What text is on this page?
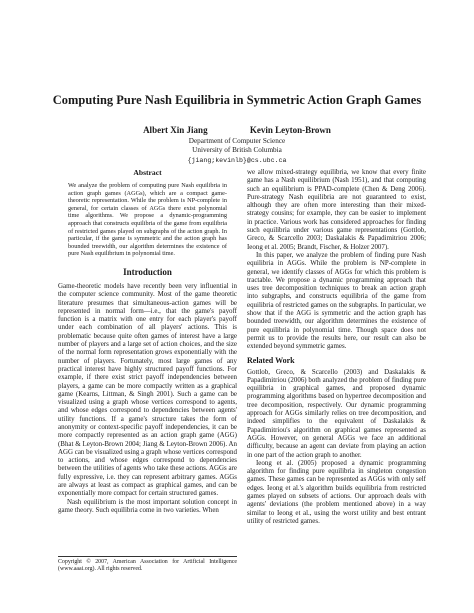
Computing Pure Nash Equilibria in Symmetric Action Graph Games
Albert Xin Jiang	Kevin Leyton-Brown
Department of Computer Science
University of British Columbia
{jiang;kevinlb}@cs.ubc.ca
Abstract

We analyze the problem of computing pure Nash equilibria in action graph games (AGGs), which are a compact game-theoretic representation. While the problem is NP-complete in general, for certain classes of AGGs there exist polynomial time algorithms. We propose a dynamic-programming approach that constructs equilibria of the game from equilibria of restricted games played on subgraphs of the action graph. In particular, if the game is symmetric and the action graph has bounded treewidth, our algorithm determines the existence of pure Nash equilibrium in polynomial time.

Introduction

Game-theoretic models have recently been very influential in the computer science community. Most of the game theoretic literature presumes that simultaneous-action games will be represented in normal form—i.e., that the game's payoff function is a matrix with one entry for each player's payoff under each combination of all players' actions. This is problematic because quite often games of interest have a large number of players and a large set of action choices, and the size of the normal form representation grows exponentially with the number of players. Fortunately, most large games of any practical interest have highly structured payoff functions. For example, if there exist strict payoff independencies between players, a game can be more compactly written as a graphical game (Kearns, Littman, & Singh 2001). Such a game can be visualized using a graph whose vertices correspond to agents, and whose edges correspond to dependencies between agents' utility functions. If a game's structure takes the form of anonymity or context-specific payoff independencies, it can be more compactly represented as an action graph game (AGG) (Bhat & Leyton-Brown 2004; Jiang & Leyton-Brown 2006). An AGG can be visualized using a graph whose vertices correspond to actions, and whose edges correspond to dependencies between the utilities of agents who take these actions. AGGs are fully expressive, i.e. they can represent arbitrary games. AGGs are always at least as compact as graphical games, and can be exponentially more compact for certain structured games.

Nash equilibrium is the most important solution concept in game theory. Such equilibria come in two varieties. When

Copyright © 2007, American Association for Artificial Intelligence (www.aaai.org). All rights reserved.

we allow mixed-strategy equilibria, we know that every finite game has a Nash equilibrium (Nash 1951), and that computing such an equilibrium is PPAD-complete (Chen & Deng 2006). Pure-strategy Nash equilibria are not guaranteed to exist, although they are often more interesting than their mixed-strategy cousins; for example, they can be easier to implement in practice. Various work has considered approaches for finding such equilibria under various game representations (Gottlob, Greco, & Scarcello 2003; Daskalakis & Papadimitriou 2006; Ieong et al. 2005; Brandt, Fischer, & Holzer 2007).

In this paper, we analyze the problem of finding pure Nash equilibria in AGGs. While the problem is NP-complete in general, we identify classes of AGGs for which this problem is tractable. We propose a dynamic programming approach that uses tree decomposition techniques to break an action graph into subgraphs, and constructs equilibria of the game from equilibria of restricted games on the subgraphs. In particular, we show that if the AGG is symmetric and the action graph has bounded treewidth, our algorithm determines the existence of pure equilibria in polynomial time. Though space does not permit us to provide the results here, our result can also be extended beyond symmetric games.

Related Work

Gottlob, Greco, & Scarcello (2003) and Daskalakis & Papadimitriou (2006) both analyzed the problem of finding pure equilibria in graphical games, and proposed dynamic programming algorithms based on hypertree decomposition and tree decomposition, respectively. Our dynamic programming approach for AGGs similarly relies on tree decomposition, and indeed simplifies to the equivalent of Daskalakis & Papadimitriou's algorithm on graphical games represented as AGGs. However, on general AGGs we face an additional difficulty, because an agent can deviate from playing an action in one part of the action graph to another.

Ieong et al. (2005) proposed a dynamic programming algorithm for finding pure equilibria in singleton congestion games. These games can be represented as AGGs with only self edges. Ieong et al.'s algorithm builds equilibria from restricted games played on subsets of actions. Our approach deals with agents' deviations (the problem mentioned above) in a way similar to Ieong et al., using the worst utility and best entrant utility of restricted games.
